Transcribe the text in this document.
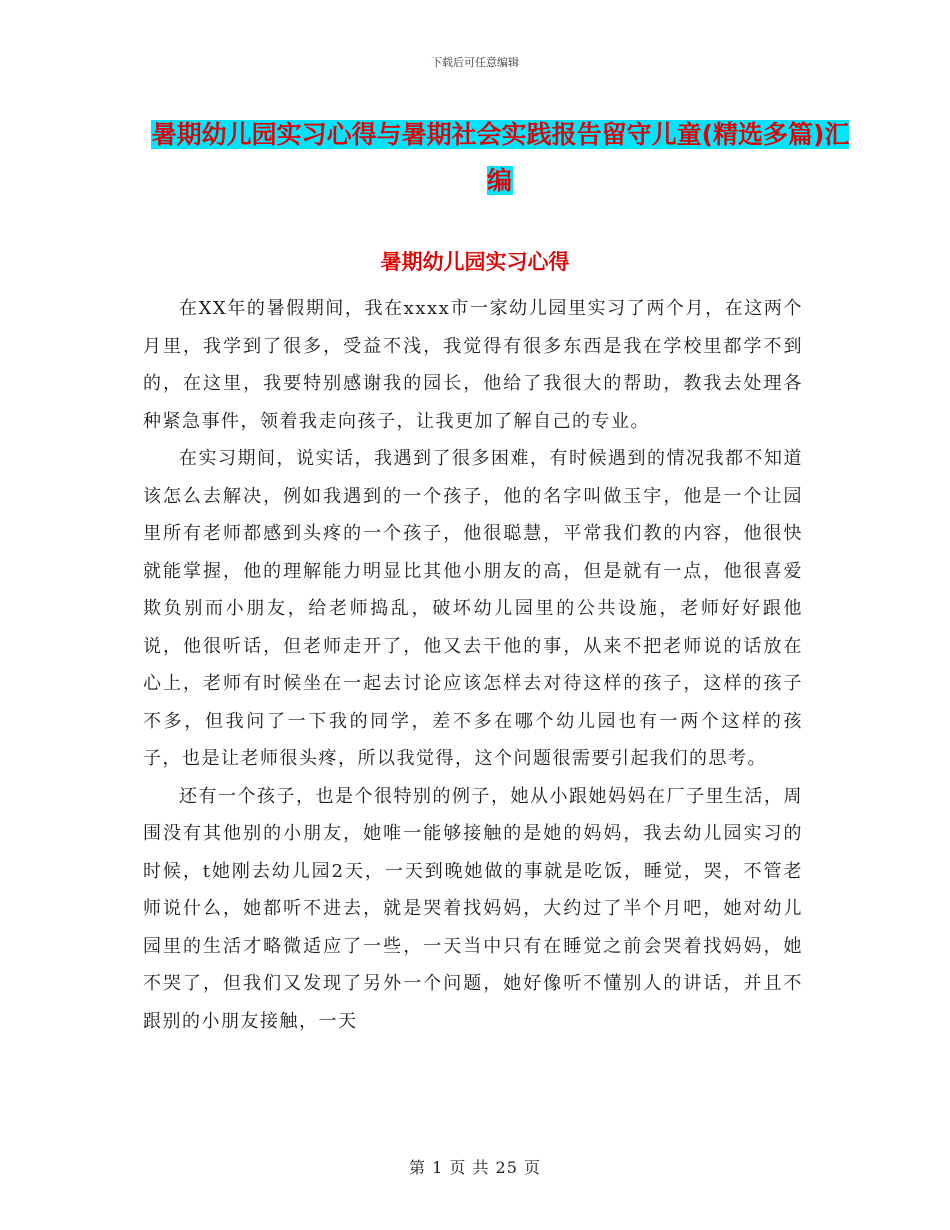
下载后可任意编辑
暑期幼儿园实习心得与暑期社会实践报告留守儿童(精选多篇)汇编
暑期幼儿园实习心得

在XX年的暑假期间，我在xxxx市一家幼儿园里实习了两个月，在这两个月里，我学到了很多，受益不浅，我觉得有很多东西是我在学校里都学不到的，在这里，我要特别感谢我的园长，他给了我很大的帮助，教我去处理各种紧急事件，领着我走向孩子，让我更加了解自己的专业。

在实习期间，说实话，我遇到了很多困难，有时候遇到的情况我都不知道该怎么去解决，例如我遇到的一个孩子，他的名字叫做玉宇，他是一个让园里所有老师都感到头疼的一个孩子，他很聪慧，平常我们教的内容，他很快就能掌握，他的理解能力明显比其他小朋友的高，但是就有一点，他很喜爱欺负别而小朋友，给老师捣乱，破坏幼儿园里的公共设施，老师好好跟他说，他很听话，但老师走开了，他又去干他的事，从来不把老师说的话放在心上，老师有时候坐在一起去讨论应该怎样去对待这样的孩子，这样的孩子不多，但我问了一下我的同学，差不多在哪个幼儿园也有一两个这样的孩子，也是让老师很头疼，所以我觉得，这个问题很需要引起我们的思考。

还有一个孩子，也是个很特别的例子，她从小跟她妈妈在厂子里生活，周围没有其他别的小朋友，她唯一能够接触的是她的妈妈，我去幼儿园实习的时候，t她刚去幼儿园2天，一天到晚她做的事就是吃饭，睡觉，哭，不管老师说什么，她都听不进去，就是哭着找妈妈，大约过了半个月吧，她对幼儿园里的生活才略微适应了一些，一天当中只有在睡觉之前会哭着找妈妈，她不哭了，但我们又发现了另外一个问题，她好像听不懂别人的讲话，并且不跟别的小朋友接触，一天

第 1 页 共 25 页
